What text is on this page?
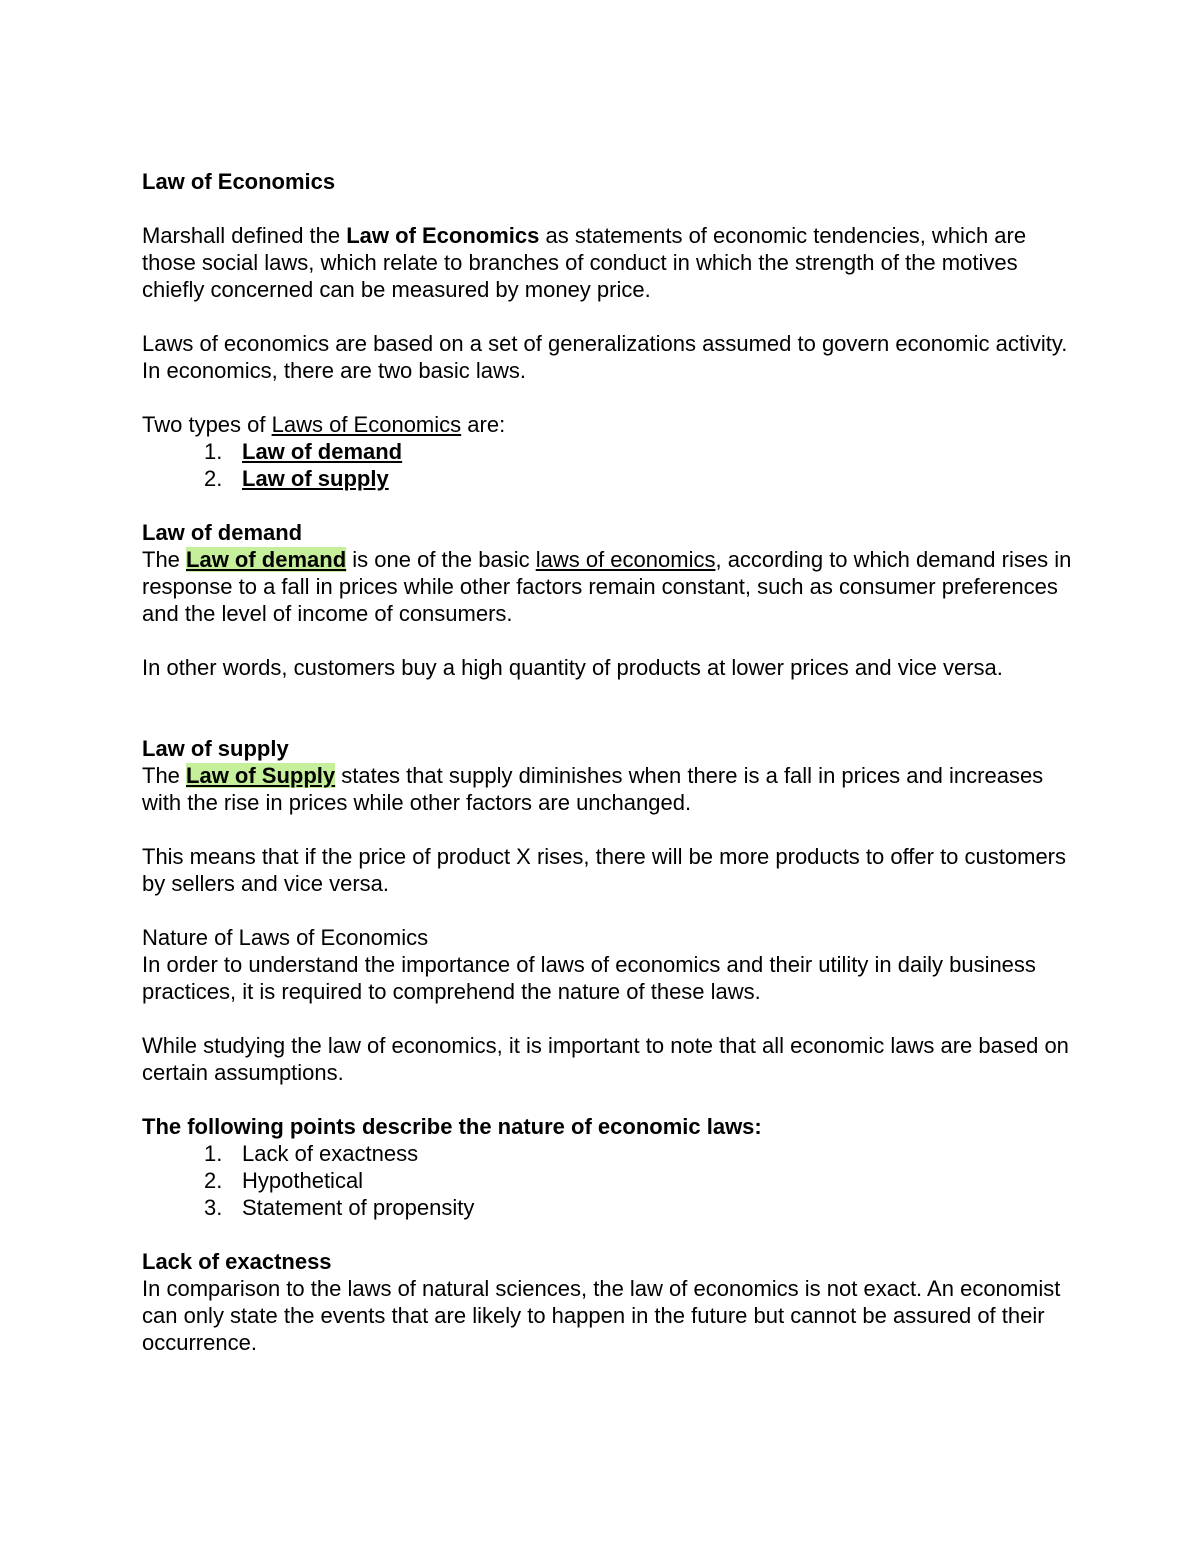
Law of Economics

Marshall defined the Law of Economics as statements of economic tendencies, which are those social laws, which relate to branches of conduct in which the strength of the motives chiefly concerned can be measured by money price.

Laws of economics are based on a set of generalizations assumed to govern economic activity. In economics, there are two basic laws.

Two types of Laws of Economics are:

1. Law of demand
2. Law of supply

Law of demand

The Law of demand is one of the basic laws of economics, according to which demand rises in response to a fall in prices while other factors remain constant, such as consumer preferences and the level of income of consumers.

In other words, customers buy a high quantity of products at lower prices and vice versa.

Law of supply

The Law of Supply states that supply diminishes when there is a fall in prices and increases with the rise in prices while other factors are unchanged.

This means that if the price of product X rises, there will be more products to offer to customers by sellers and vice versa.

Nature of Laws of Economics

In order to understand the importance of laws of economics and their utility in daily business practices, it is required to comprehend the nature of these laws.

While studying the law of economics, it is important to note that all economic laws are based on certain assumptions.

The following points describe the nature of economic laws:

1. Lack of exactness
2. Hypothetical
3. Statement of propensity

Lack of exactness

In comparison to the laws of natural sciences, the law of economics is not exact. An economist can only state the events that are likely to happen in the future but cannot be assured of their occurrence.
